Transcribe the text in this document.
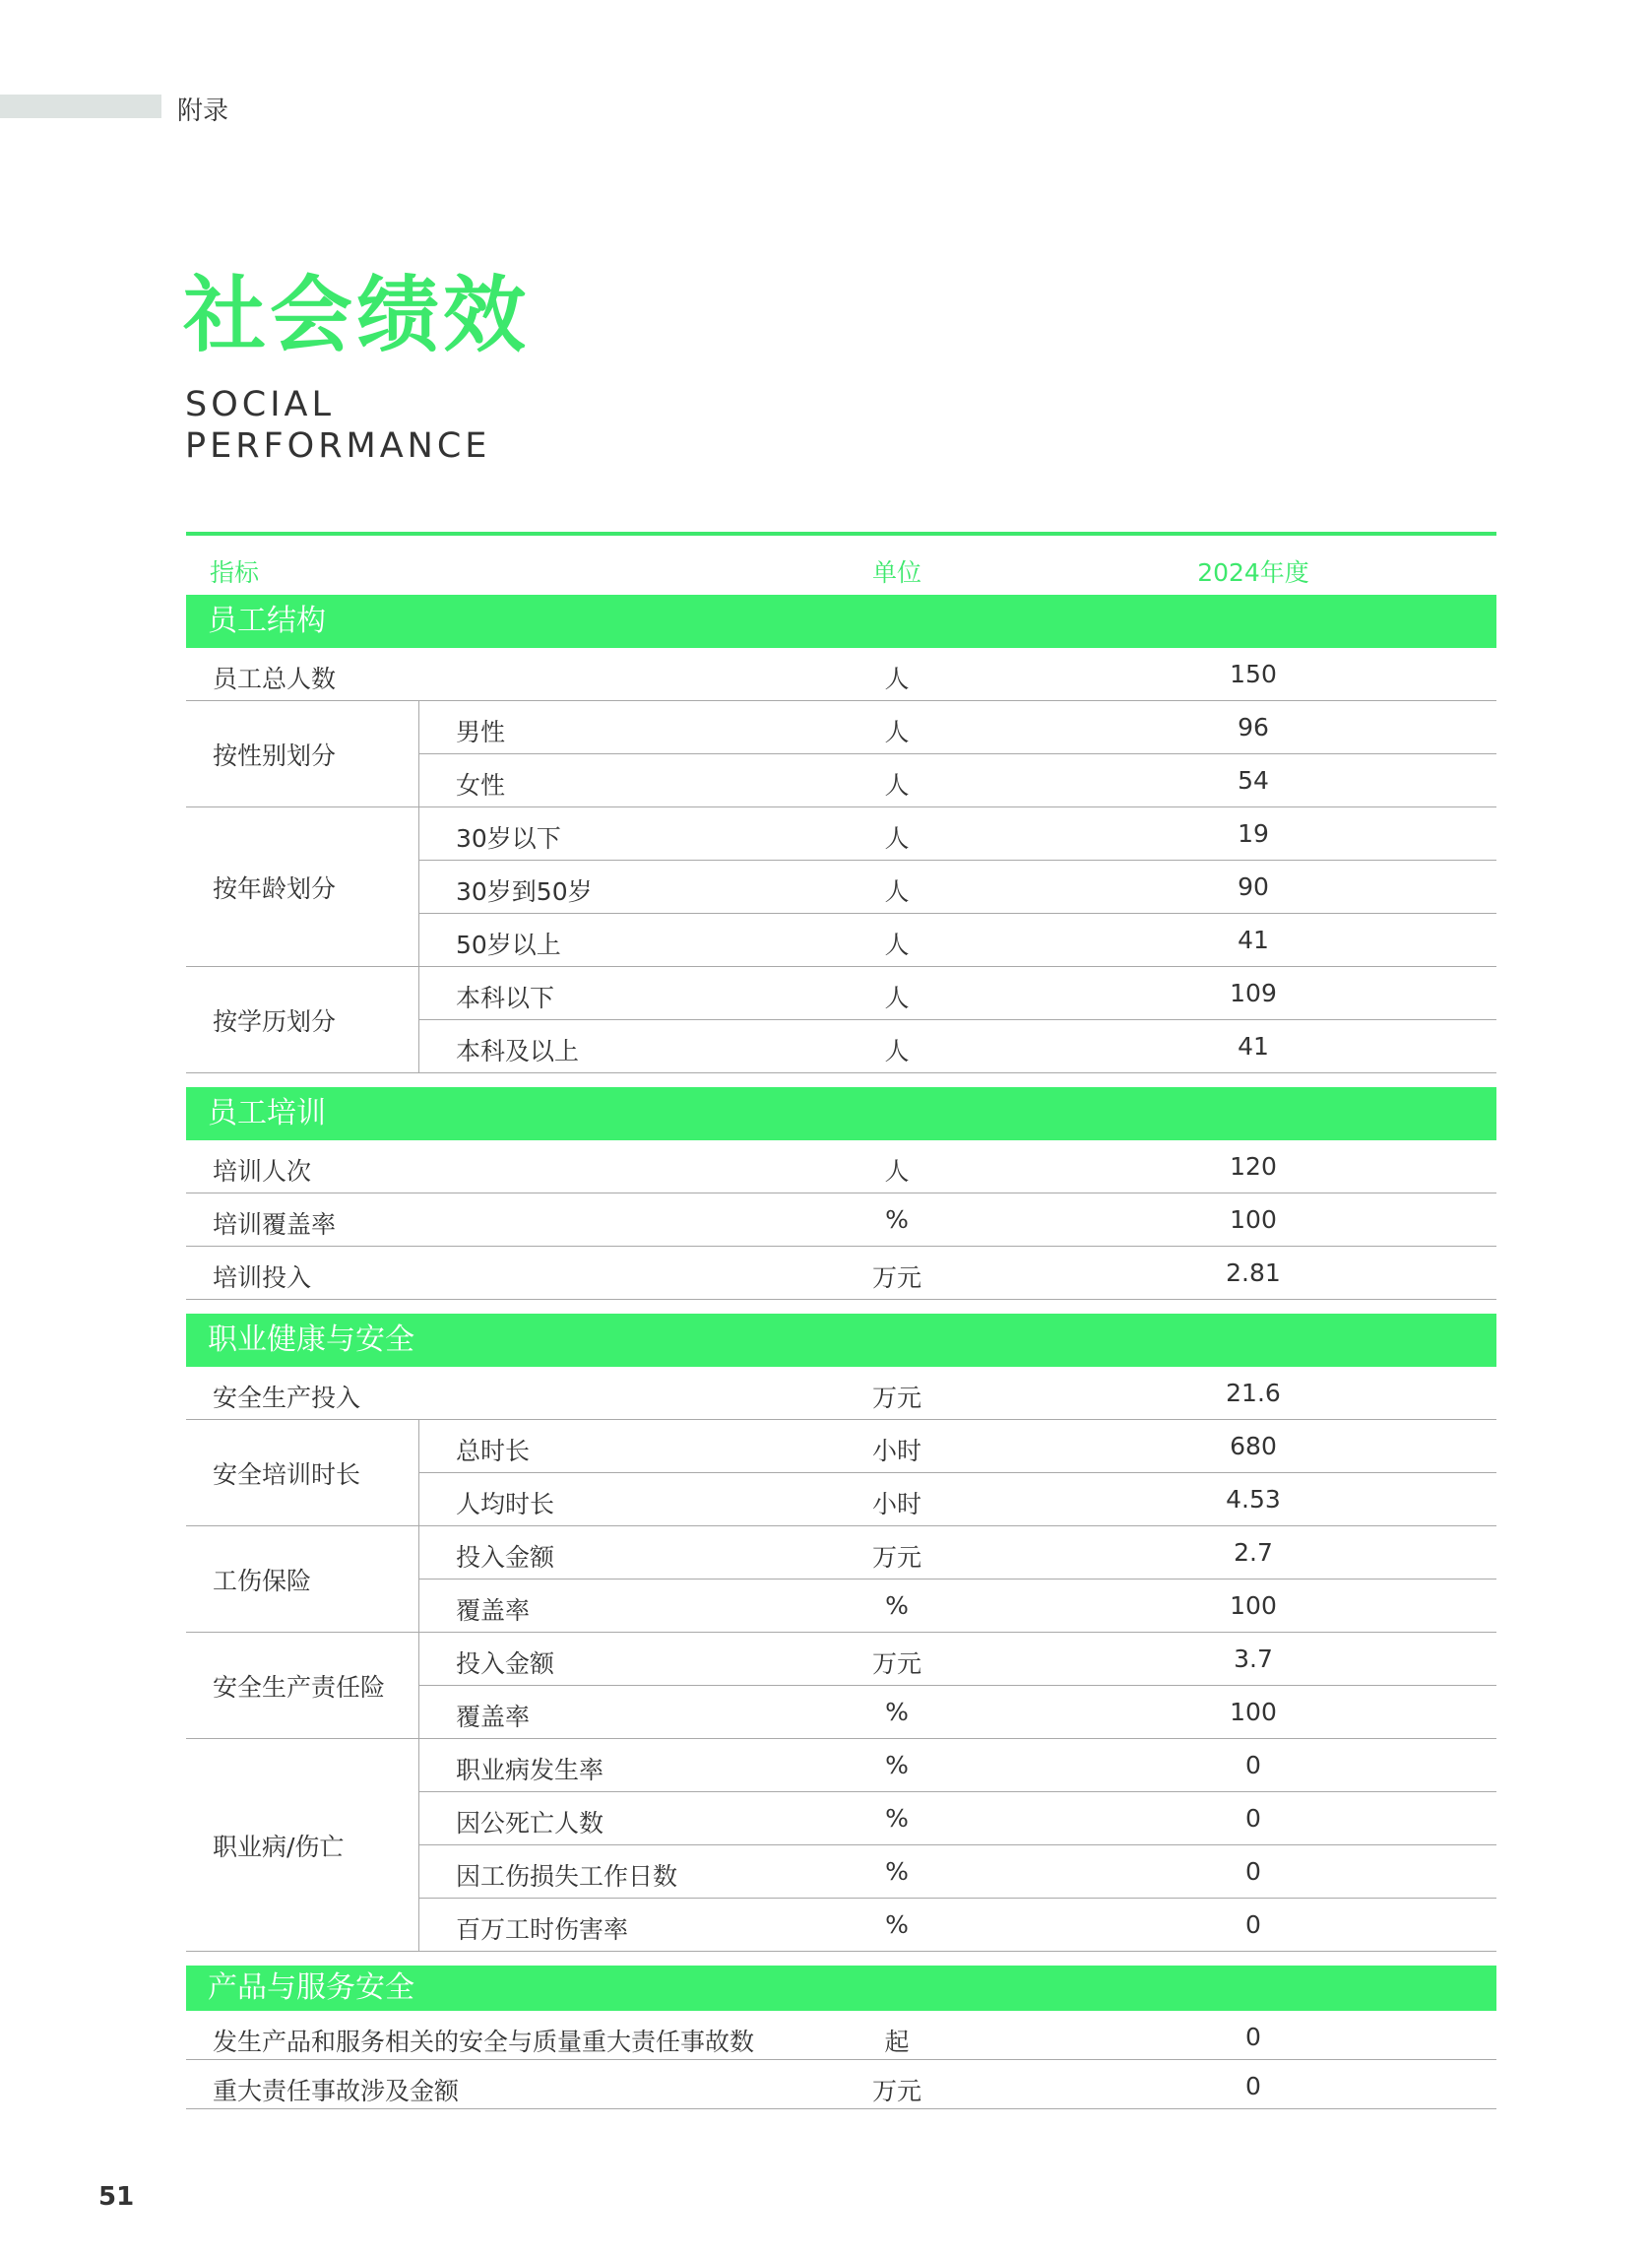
附录
社会绩效
SOCIAL
PERFORMANCE
指标	单位	2024年度
员工结构
员工总人数	人	150
按性别划分
男性	人	96
女性	人	54
按年龄划分
30岁以下	人	19
30岁到50岁	人	90
50岁以上	人	41
按学历划分
本科以下	人	109
本科及以上	人	41
员工培训
培训人次	人	120
培训覆盖率	%	100
培训投入	万元	2.81
职业健康与安全
安全生产投入	万元	21.6
安全培训时长
总时长	小时	680
人均时长	小时	4.53
工伤保险
投入金额	万元	2.7
覆盖率	%	100
安全生产责任险
投入金额	万元	3.7
覆盖率	%	100
职业病/伤亡
职业病发生率	%	0
因公死亡人数	%	0
因工伤损失工作日数	%	0
百万工时伤害率	%	0
产品与服务安全
发生产品和服务相关的安全与质量重大责任事故数	起	0
重大责任事故涉及金额	万元	0
51
